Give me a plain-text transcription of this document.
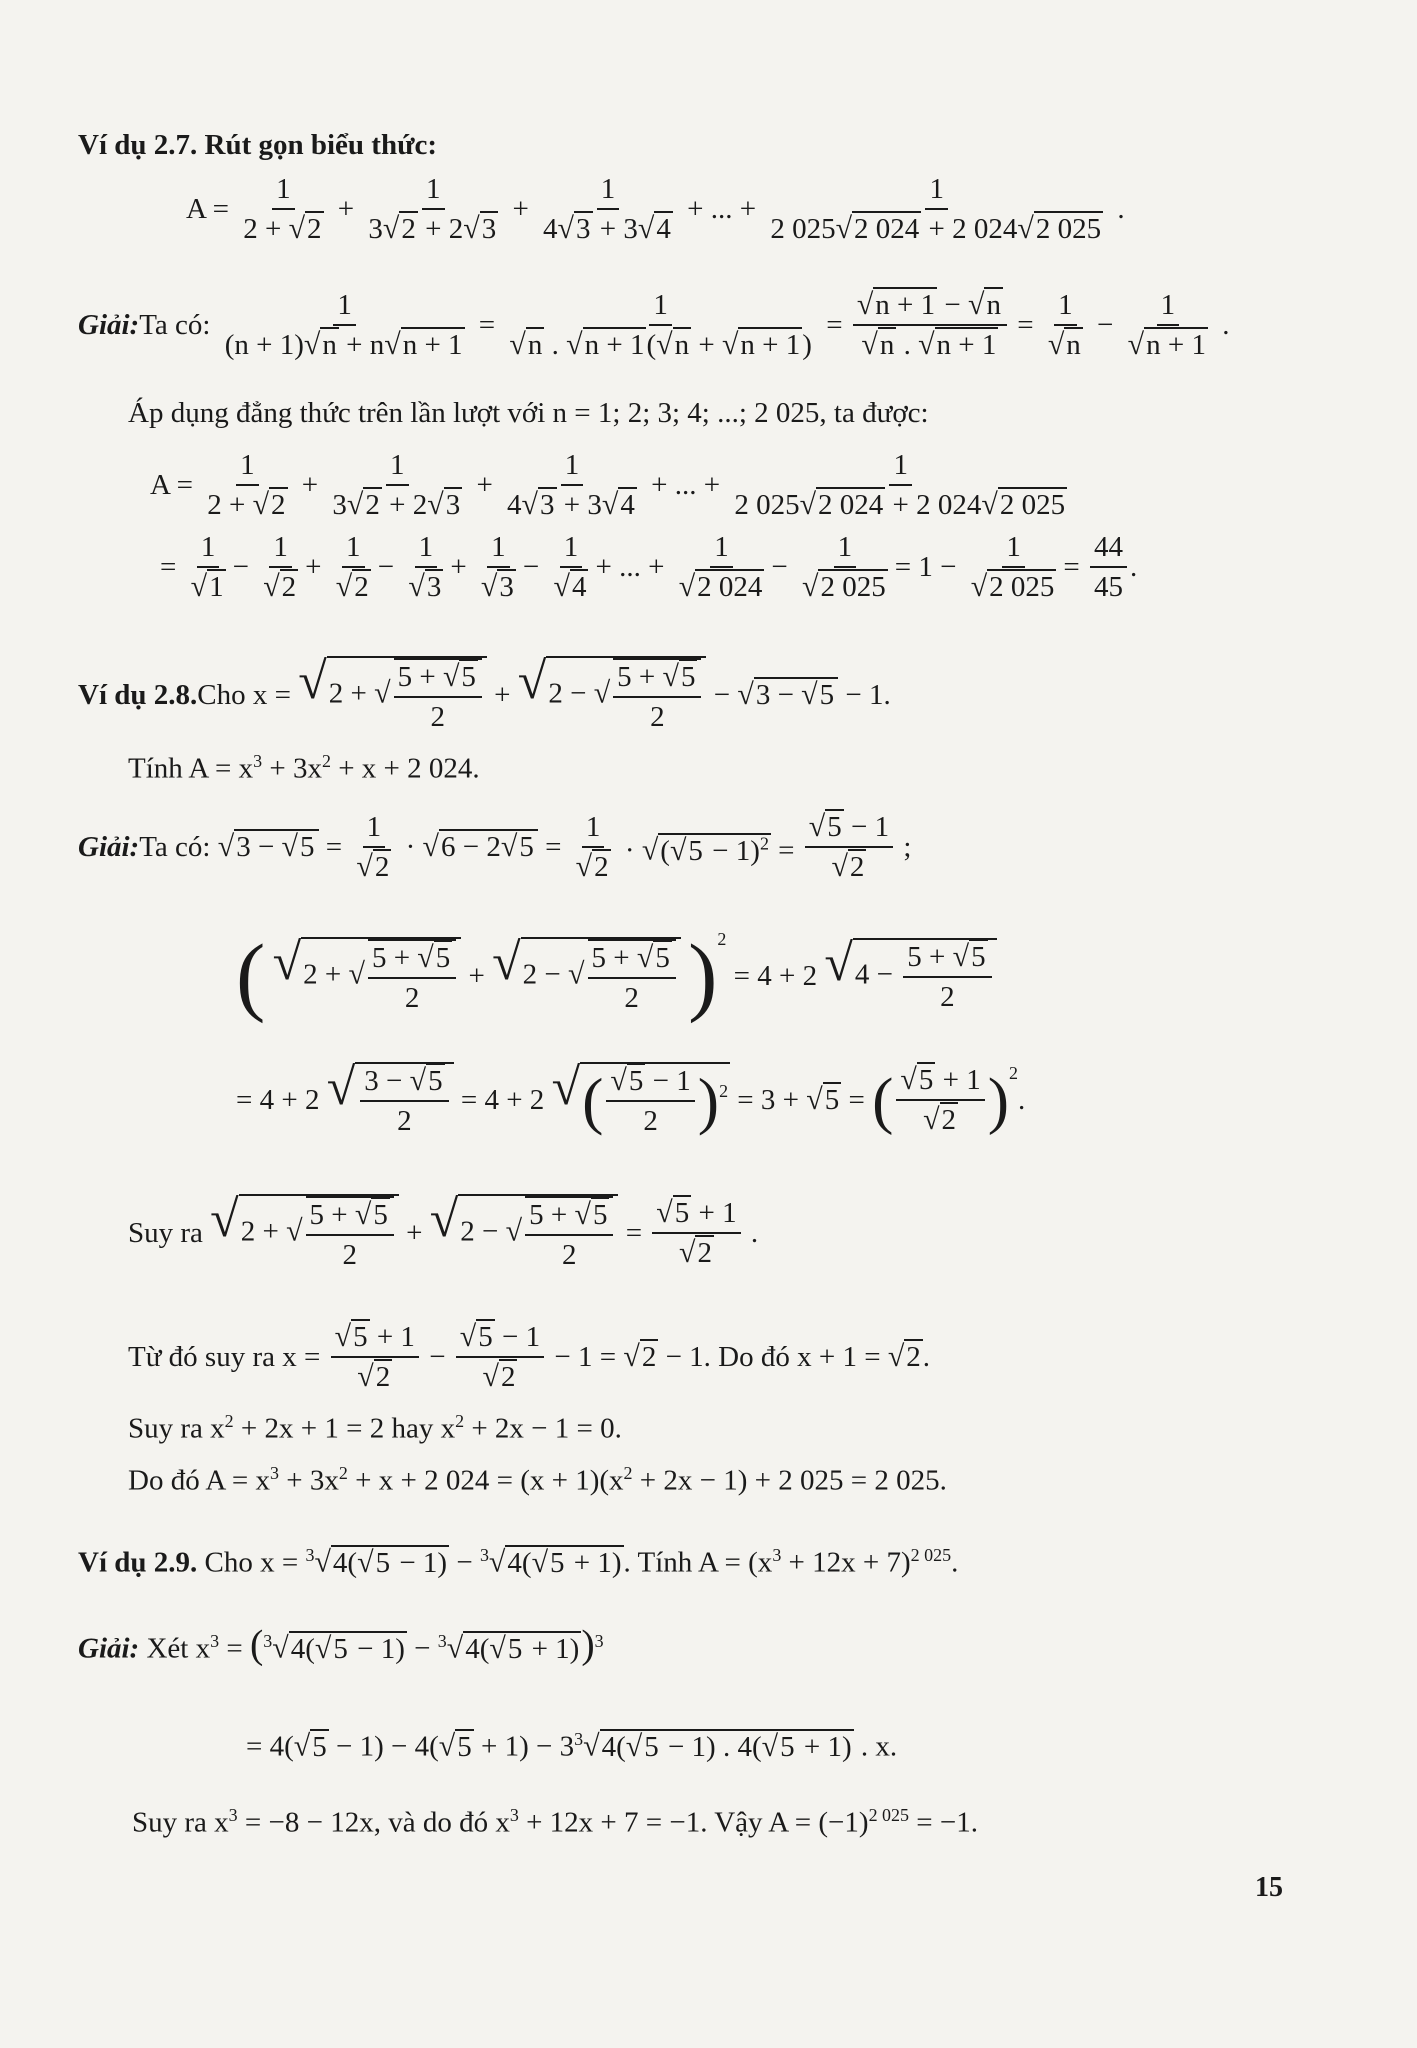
Ví dụ 2.7. Rút gọn biểu thức:
$A = \frac{1}{2 + √2} + \frac{1}{3√2 + 2√3} + \frac{1}{4√3 + 3√4}$ + ... + $\frac{1}{2 025√2 024 + 2 024√2 025}$ .
Giải:Ta có: $\frac{1}{(n + 1)√n + n√n + 1} = \frac{1}{√n . √n + 1(√n + √n + 1)} = \frac{√n + 1 - √n}{√n . √n + 1} = \frac{1}{√n} - \frac{1}{√n + 1}$ .
Áp dụng đẳng thức trên lần lượt với n = 1; 2; 3; 4; ...; 2 025, ta được:
$A = \frac{1}{2 + √2} + \frac{1}{3√2 + 2√3} + \frac{1}{4√3 + 3√4}$ + ... + $\frac{1}{2 025√2 024 + 2 024√2 025}$
= $\frac{1}{√1} - \frac{1}{√2} + \frac{1}{√2} - \frac{1}{√3} + \frac{1}{√3} - \frac{1}{√4}$ + ... + $\frac{1}{√2 024} - \frac{1}{√2 025} = 1 - \frac{1}{√2 025} = \frac{44}{45}$ .
Ví dụ 2.8.Cho x = √ 2 + √ $\frac{5 + √5}{2}$ + √ 2 − √ $\frac{5 + √5}{2} - √3 - √5 - 1$.
Tính $A = x^3 + 3x^2 + x + 2$ 024.
Giải:Ta có: $√3 - √5 = \frac{1}{√2} \cdot √6 - 2√5 = \frac{1}{√2} \cdot √(√5 - 1)^2 = \frac{√5 - 1}{√2}$ ;
( √ 2 + √ $\frac{5 + √5}{2}$ + √ 2 − √ $\frac{5 + √5}{2} )^2 = 4 + 2$ √ $4 - \frac{5 + √5}{2}$
= 4 + 2 √ $\frac{3 - √5}{2} = 4 + 2$ √ ( $\frac{√5 - 1}{2} )^2 = 3 + √5$ = ( $\frac{√5 + 1}{√2} )^2$.
Suy ra √ 2 + √ $\frac{5 + √5}{2}$ + √ 2 − √ $\frac{5 + √5}{2} = \frac{√5 + 1}{√2}$ .
Từ đó suy ra $x = \frac{√5 + 1}{√2} - \frac{√5 - 1}{√2} - 1 = √2 - 1$. Do đó x + 1 = √2.
Suy ra $x^2 + 2x + 1 = 2$ hay $x^2 + 2x - 1 = 0$.
Do đó $A = x^3 + 3x^2 + x + 2$ $024 = (x + 1)(x^2 + 2x - 1) + 2$ 025 = 2 025.
Ví dụ 2.9. Cho x = $^3$√4(√5 − 1) − $^3$√4(√5 + 1). Tính $A = (x^3 + 12x + 7)^{2 025}$.
Giải: Xét $x^3 = (^3√4(√5 - 1) - ^3√4(√5 + 1))^3$
= $4(√5 - 1) - 4(√5 + 1) - 3^3√4(√5 - 1)$ . 4(√5 + 1) . x.
Suy ra $x^3 = -8 - 12x$, và do đó $x^3 + 12x + 7 = -1$. Vậy $A = (-1)^{2 025} = -1$.
15
